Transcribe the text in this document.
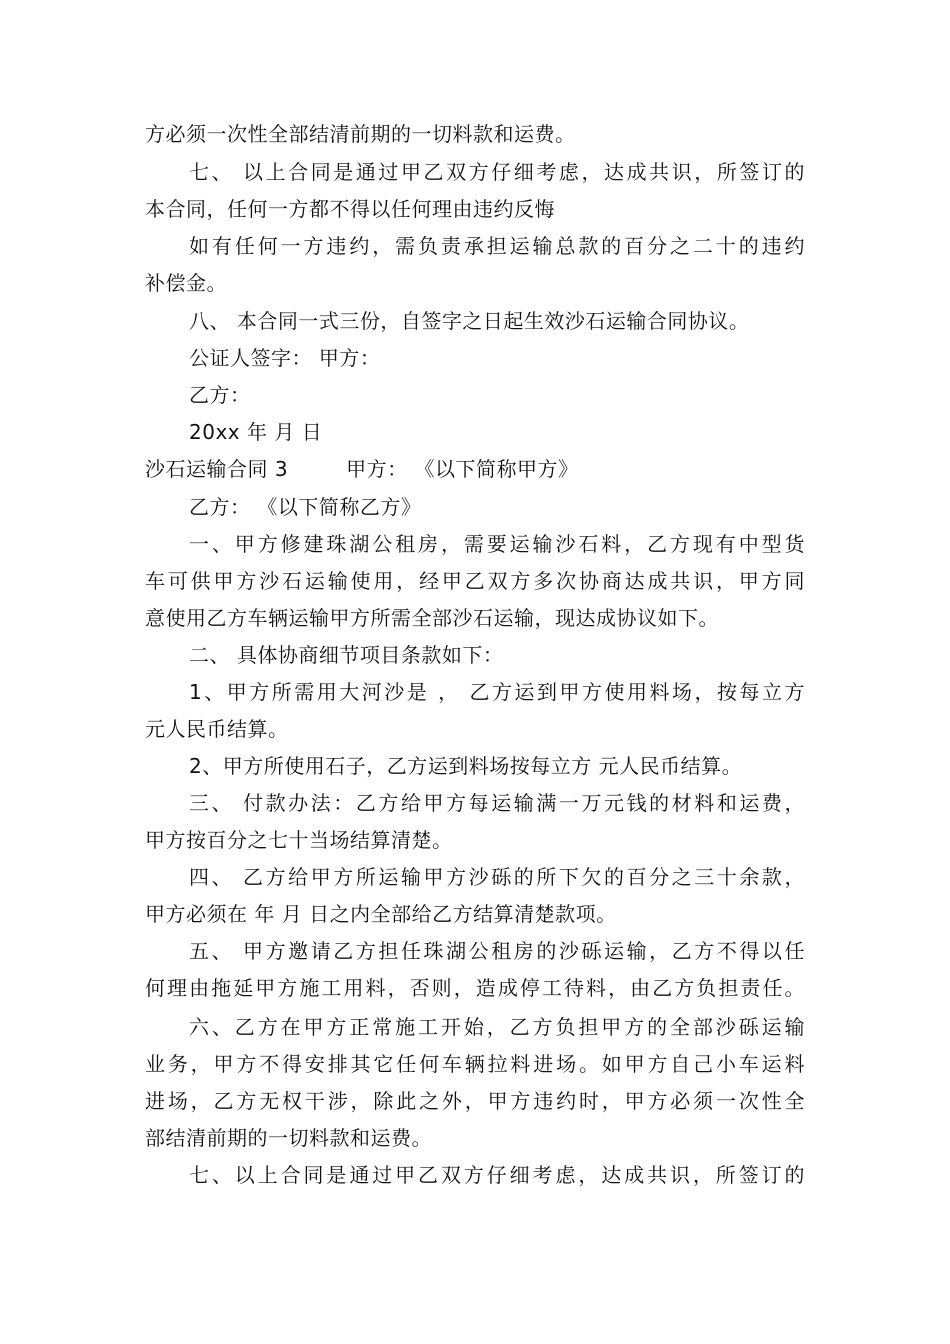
方必须一次性全部结清前期的一切料款和运费。
七、 以上合同是通过甲乙双方仔细考虑，达成共识，所签订的
本合同，任何一方都不得以任何理由违约反悔
如有任何一方违约，需负责承担运输总款的百分之二十的违约
补偿金。
八、 本合同一式三份，自签字之日起生效沙石运输合同协议。
公证人签字： 甲方：
乙方：
20xx 年 月 日
沙石运输合同 3	甲方： 《以下简称甲方》
乙方： 《以下简称乙方》
一、甲方修建珠湖公租房，需要运输沙石料，乙方现有中型货
车可供甲方沙石运输使用，经甲乙双方多次协商达成共识，甲方同
意使用乙方车辆运输甲方所需全部沙石运输，现达成协议如下。
二、 具体协商细节项目条款如下：
1、甲方所需用大河沙是 ， 乙方运到甲方使用料场，按每立方
元人民币结算。
2、甲方所使用石子，乙方运到料场按每立方 元人民币结算。
三、 付款办法：乙方给甲方每运输满一万元钱的材料和运费，
甲方按百分之七十当场结算清楚。
四、 乙方给甲方所运输甲方沙砾的所下欠的百分之三十余款，
甲方必须在 年 月 日之内全部给乙方结算清楚款项。
五、 甲方邀请乙方担任珠湖公租房的沙砾运输，乙方不得以任
何理由拖延甲方施工用料，否则，造成停工待料，由乙方负担责任。
六、乙方在甲方正常施工开始，乙方负担甲方的全部沙砾运输
业务，甲方不得安排其它任何车辆拉料进场。如甲方自己小车运料
进场，乙方无权干涉，除此之外，甲方违约时，甲方必须一次性全
部结清前期的一切料款和运费。
七、以上合同是通过甲乙双方仔细考虑，达成共识，所签订的
